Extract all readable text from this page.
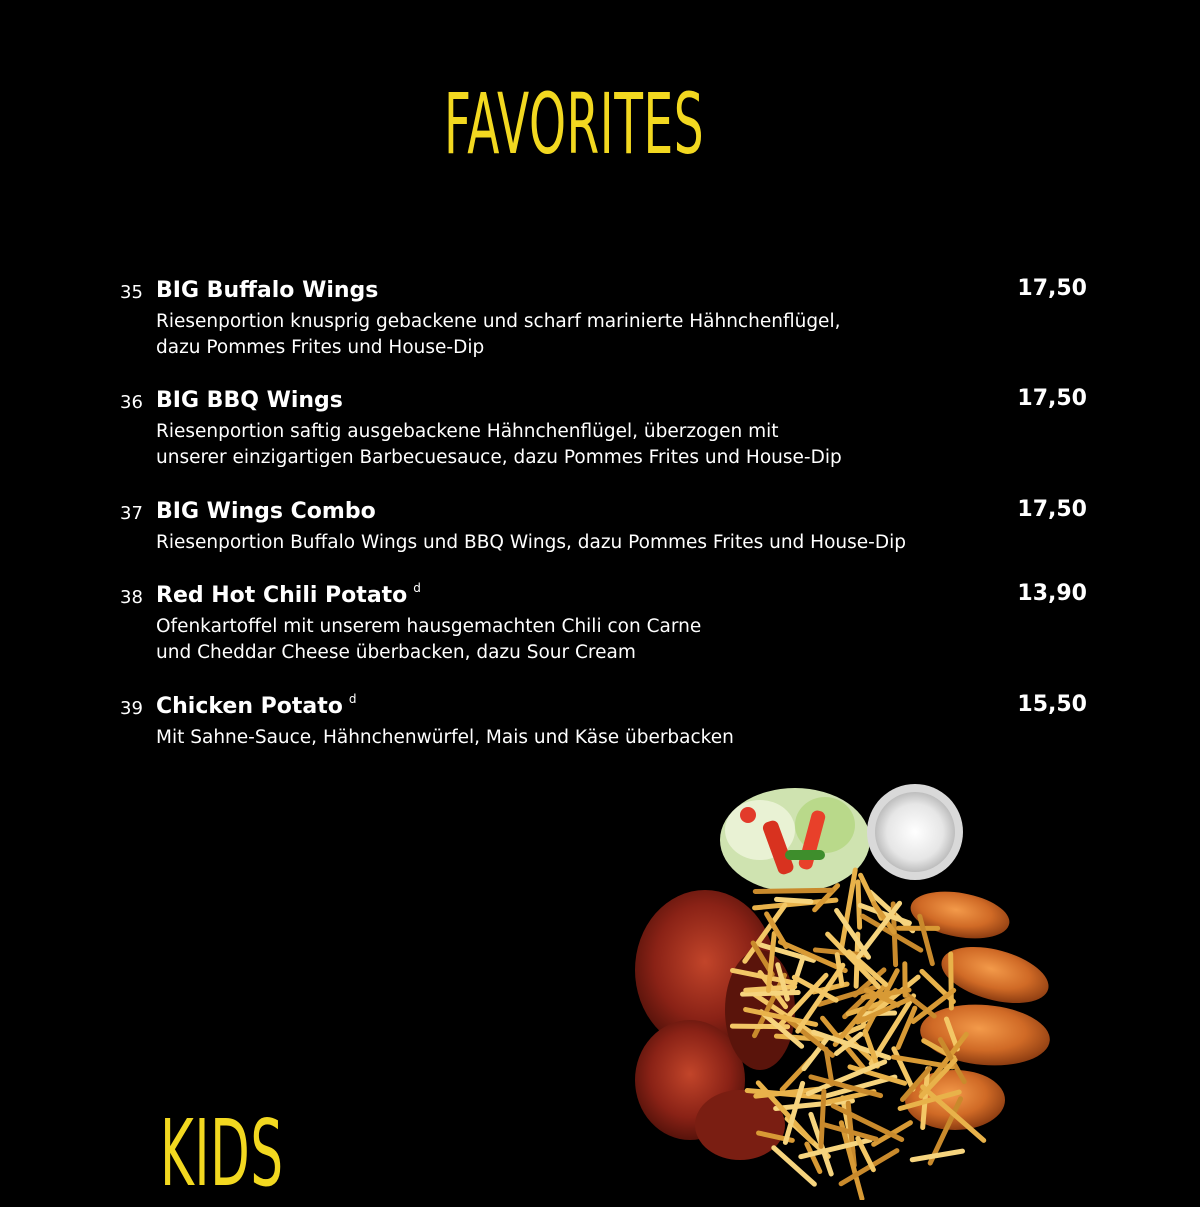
FAVORITES
35 BIG Buffalo Wings	17,50
Riesenportion knusprig gebackene und scharf marinierte Hähnchenflügel,
dazu Pommes Frites und House-Dip
36 BIG BBQ Wings	17,50
Riesenportion saftig ausgebackene Hähnchenflügel, überzogen mit
unserer einzigartigen Barbecuesauce, dazu Pommes Frites und House-Dip
37 BIG Wings Combo	17,50
Riesenportion Buffalo Wings und BBQ Wings, dazu Pommes Frites und House-Dip
38 Red Hot Chili Potato $^d$	13,90
Ofenkartoffel mit unserem hausgemachten Chili con Carne
und Cheddar Cheese überbacken, dazu Sour Cream
39 Chicken Potato $^d$	15,50
Mit Sahne-Sauce, Hähnchenwürfel, Mais und Käse überbacken
KIDS
